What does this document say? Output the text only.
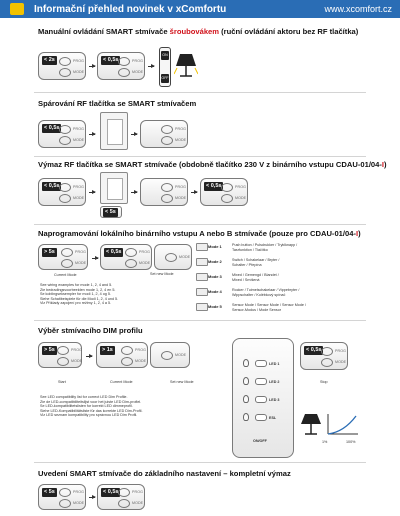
Informační přehled novinek v xComfortu	www.xcomfort.cz
Manuální ovládání SMART stmívače šroubovákem (ruční ovládání aktoru bez RF tlačítka)
< 2s	PROG
MODE
< 0,5s	PROG
MODE
ON
OFF
Spárování RF tlačítka se SMART stmívačem
< 0,5s	PROG
MODE
PROG
MODE
Výmaz RF tlačítka se SMART stmívače (obdobně tlačítko 230 V z binárního vstupu CDAU-01/04-I)
< 0,5s	PROG
MODE
< 5s
PROG
MODE
< 0,5s	PROG
MODE
Naprogramování lokálního binárního vstupu A nebo B stmívače (pouze pro CDAU-01/04-I)
> 5s	PROG
MODE
Current Mode
< 0,5s	PROG
MODE
MODE
Set new Mode
Mode 1	Push button / Pulsdrukker / Tryklknapp /
Tasrfunktion / Tlačítko
Mode 2	Switch / Schakelaar / Bryter /
Schalter / Přepína
Mode 3	Mixed / Gemengd / Blandet /
Mixed / Smíšená
Mode 4	Rocker / Tuimelschakelaar / Vippebryter /
Wippschalter / Kolébkový spínač
Mode 5	Sensor Mode / Sensor Mode / Sensor Mode /
Sensor-Modus / Mode Sensor
See wiring examples for mode 1, 2, 4 and 5.
Zie bedradingsvoorbeelden mode 1, 2, 4 en 5.
Se koblingseksempler for modi 1, 2, 4 og 5.
Siehe Schaltbeispiele für die Modi 1, 2, 4 und 5.
Viz Příklady zapojení pro režimy 1, 2, 4 a 5.
Výběr stmívacího DIM profilu
> 5s	PROG
MODE
Start
> 1s	PROG
MODE
Current Mode
MODE
Set new Mode
LED 1
LED 2
LED 3
ESL
ON/OFF
< 0,5s	PROG
MODE
Stop
1%	100%
See LED compatibility list for correct LED Dim Profile.
Zie de LED-compatibiliteitslijst voor het juiste LED Dim-profiel.
Se LED-kompatibilitetslisten for korrekt LED dimmeprofil.
Siehe LED-Kompatibilitätsliste für das korrekte LED Dim-Profil.
Viz LED seznam kompatibility pro správnou LED Dim Profil.
Uvedení SMART stmívače do základního nastavení – kompletní výmaz
< 5s	PROG
MODE
< 0,5s	PROG
MODE
